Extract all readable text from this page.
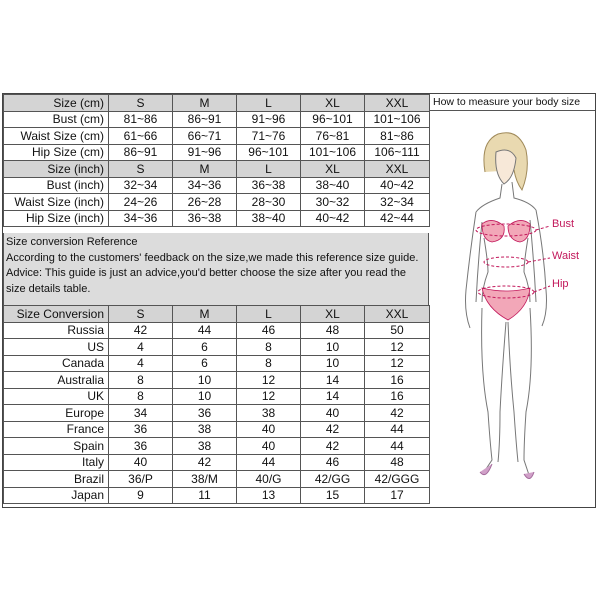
Size (cm)	S	M	L	XL	XXL
Bust (cm)	81~86	86~91	91~96	96~101	101~106
Waist Size (cm)	61~66	66~71	71~76	76~81	81~86
Hip Size (cm)	86~91	91~96	96~101	101~106	106~111
Size (inch)	S	M	L	XL	XXL
Bust (inch)	32~34	34~36	36~38	38~40	40~42
Waist Size (inch)	24~26	26~28	28~30	30~32	32~34
Hip Size (inch)	34~36	36~38	38~40	40~42	42~44
Size conversion Reference
According to the customers' feedback on the size,we made this reference size guide.
Advice: This guide is just an advice,you'd better choose the size after you read the
size details table.
Size Conversion	S	M	L	XL	XXL
Russia	42	44	46	48	50
US	4	6	8	10	12
Canada	4	6	8	10	12
Australia	8	10	12	14	16
UK	8	10	12	14	16
Europe	34	36	38	40	42
France	36	38	40	42	44
Spain	36	38	40	42	44
Italy	40	42	44	46	48
Brazil	36/P	38/M	40/G	42/GG	42/GGG
Japan	9	11	13	15	17
How to measure your body size
Bust
Waist
Hip
